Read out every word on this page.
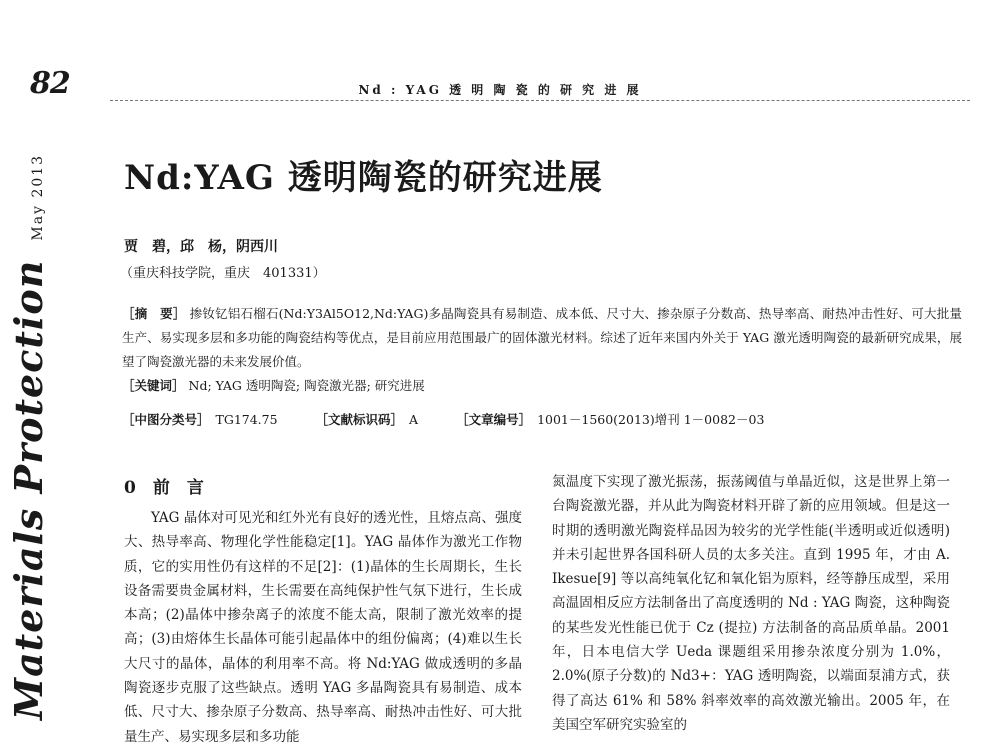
82	Nd : YAG 透 明 陶 瓷 的 研 究 进 展
Nd:YAG 透明陶瓷的研究进展
贾　碧，邱　杨，阴西川
（重庆科技学院，重庆　401331）
［摘　要］ 掺钕钇铝石榴石(Nd:Y3Al5O12,Nd:YAG)多晶陶瓷具有易制造、成本低、尺寸大、掺杂原子分数高、热导率高、耐热冲击性好、可大批量生产、易实现多层和多功能的陶瓷结构等优点，是目前应用范围最广的固体激光材料。综述了近年来国内外关于 YAG 激光透明陶瓷的最新研究成果，展望了陶瓷激光器的未来发展价值。
［关键词］ Nd; YAG 透明陶瓷; 陶瓷激光器; 研究进展
［中图分类号］ TG174.75	［文献标识码］ A	［文章编号］ 1001－1560(2013)增刊 1－0082－03
Materials Protection May 2013
0　前　言

YAG 晶体对可见光和红外光有良好的透光性，且熔点高、强度大、热导率高、物理化学性能稳定[1]。YAG 晶体作为激光工作物质，它的实用性仍有这样的不足[2]：(1)晶体的生长周期长，生长设备需要贵金属材料，生长需要在高纯保护性气氛下进行，生长成本高；(2)晶体中掺杂离子的浓度不能太高，限制了激光效率的提高；(3)由熔体生长晶体可能引起晶体中的组份偏离；(4)难以生长大尺寸的晶体，晶体的利用率不高。将 Nd:YAG 做成透明的多晶陶瓷逐步克服了这些缺点。透明 YAG 多晶陶瓷具有易制造、成本低、尺寸大、掺杂原子分数高、热导率高、耐热冲击性好、可大批量生产、易实现多层和多功能

氮温度下实现了激光振荡，振荡阈值与单晶近似，这是世界上第一台陶瓷激光器，并从此为陶瓷材料开辟了新的应用领域。但是这一时期的透明激光陶瓷样品因为较劣的光学性能(半透明或近似透明)并未引起世界各国科研人员的太多关注。直到 1995 年，才由 A. Ikesue[9] 等以高纯氧化钇和氧化铝为原料，经等静压成型，采用高温固相反应方法制备出了高度透明的 Nd : YAG 陶瓷，这种陶瓷的某些发光性能已优于 Cz (提拉) 方法制备的高品质单晶。2001 年，日本电信大学 Ueda 课题组采用掺杂浓度分别为 1.0%，2.0%(原子分数)的 Nd3+：YAG 透明陶瓷，以端面泵浦方式，获得了高达 61% 和 58% 斜率效率的高效激光输出。2005 年，在美国空军研究实验室的
